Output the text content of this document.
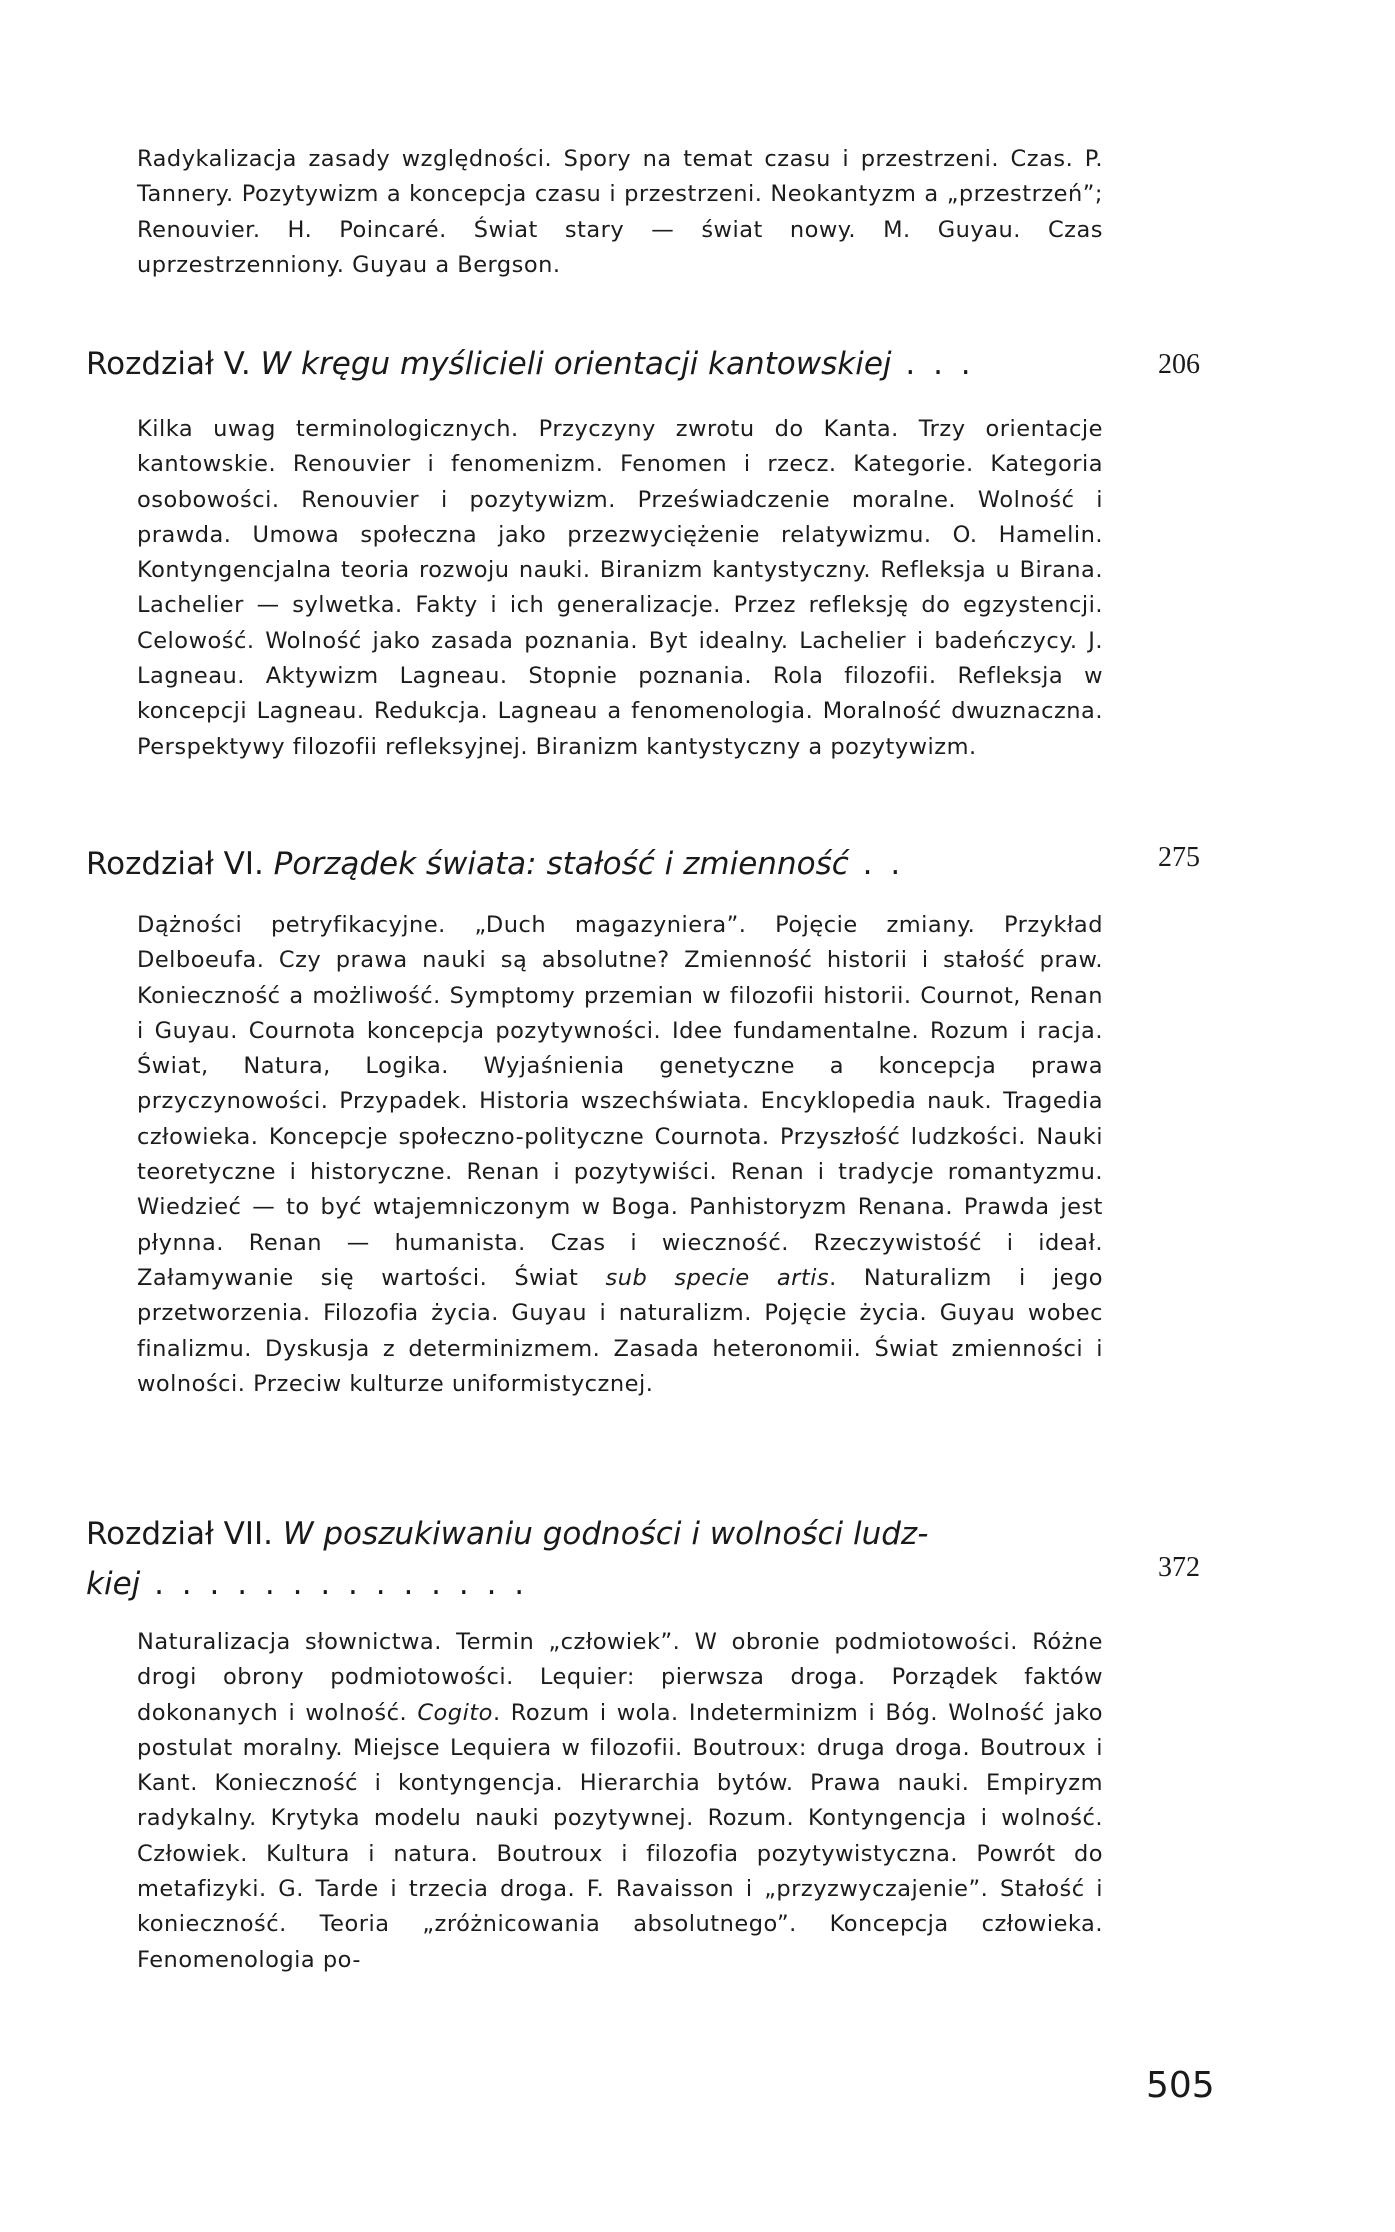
Radykalizacja zasady względności. Spory na temat czasu i przestrzeni. Czas. P. Tannery. Pozytywizm a koncepcja czasu i przestrzeni. Neokantyzm a „przestrzeń”; Renouvier. H. Poincaré. Świat stary — świat nowy. M. Guyau. Czas uprzestrzenniony. Guyau a Bergson.

Rozdział V. W kręgu myślicieli orientacji kantowskiej . . .	206

Kilka uwag terminologicznych. Przyczyny zwrotu do Kanta. Trzy orientacje kantowskie. Renouvier i fenomenizm. Fenomen i rzecz. Kategorie. Kategoria osobowości. Renouvier i pozytywizm. Przeświadczenie moralne. Wolność i prawda. Umowa społeczna jako przezwyciężenie relatywizmu. O. Hamelin. Kontyngencjalna teoria rozwoju nauki. Biranizm kantystyczny. Refleksja u Birana. Lachelier — sylwetka. Fakty i ich generalizacje. Przez refleksję do egzystencji. Celowość. Wolność jako zasada poznania. Byt idealny. Lachelier i badeńczycy. J. Lagneau. Aktywizm Lagneau. Stopnie poznania. Rola filozofii. Refleksja w koncepcji Lagneau. Redukcja. Lagneau a fenomenologia. Moralność dwuznaczna. Perspektywy filozofii refleksyjnej. Biranizm kantystyczny a pozytywizm.

Rozdział VI. Porządek świata: stałość i zmienność . .	275

Dążności petryfikacyjne. „Duch magazyniera”. Pojęcie zmiany. Przykład Delboeufa. Czy prawa nauki są absolutne? Zmienność historii i stałość praw. Konieczność a możliwość. Symptomy przemian w filozofii historii. Cournot, Renan i Guyau. Cournota koncepcja pozytywności. Idee fundamentalne. Rozum i racja. Świat, Natura, Logika. Wyjaśnienia genetyczne a koncepcja prawa przyczynowości. Przypadek. Historia wszechświata. Encyklopedia nauk. Tragedia człowieka. Koncepcje społeczno-polityczne Cournota. Przyszłość ludzkości. Nauki teoretyczne i historyczne. Renan i pozytywiści. Renan i tradycje romantyzmu. Wiedzieć — to być wtajemniczonym w Boga. Panhistoryzm Renana. Prawda jest płynna. Renan — humanista. Czas i wieczność. Rzeczywistość i ideał. Załamywanie się wartości. Świat sub specie artis. Naturalizm i jego przetworzenia. Filozofia życia. Guyau i naturalizm. Pojęcie życia. Guyau wobec finalizmu. Dyskusja z determinizmem. Zasada heteronomii. Świat zmienności i wolności. Przeciw kulturze uniformistycznej.

Rozdział VII. W poszukiwaniu godności i wolności ludz-
kiej . . . . . . . . . . . . . .	372

Naturalizacja słownictwa. Termin „człowiek”. W obronie podmiotowości. Różne drogi obrony podmiotowości. Lequier: pierwsza droga. Porządek faktów dokonanych i wolność. Cogito. Rozum i wola. Indeterminizm i Bóg. Wolność jako postulat moralny. Miejsce Lequiera w filozofii. Boutroux: druga droga. Boutroux i Kant. Konieczność i kontyngencja. Hierarchia bytów. Prawa nauki. Empiryzm radykalny. Krytyka modelu nauki pozytywnej. Rozum. Kontyngencja i wolność. Człowiek. Kultura i natura. Boutroux i filozofia pozytywistyczna. Powrót do metafizyki. G. Tarde i trzecia droga. F. Ravaisson i „przyzwyczajenie”. Stałość i konieczność. Teoria „zróżnicowania absolutnego”. Koncepcja człowieka. Fenomenologia po-

505
